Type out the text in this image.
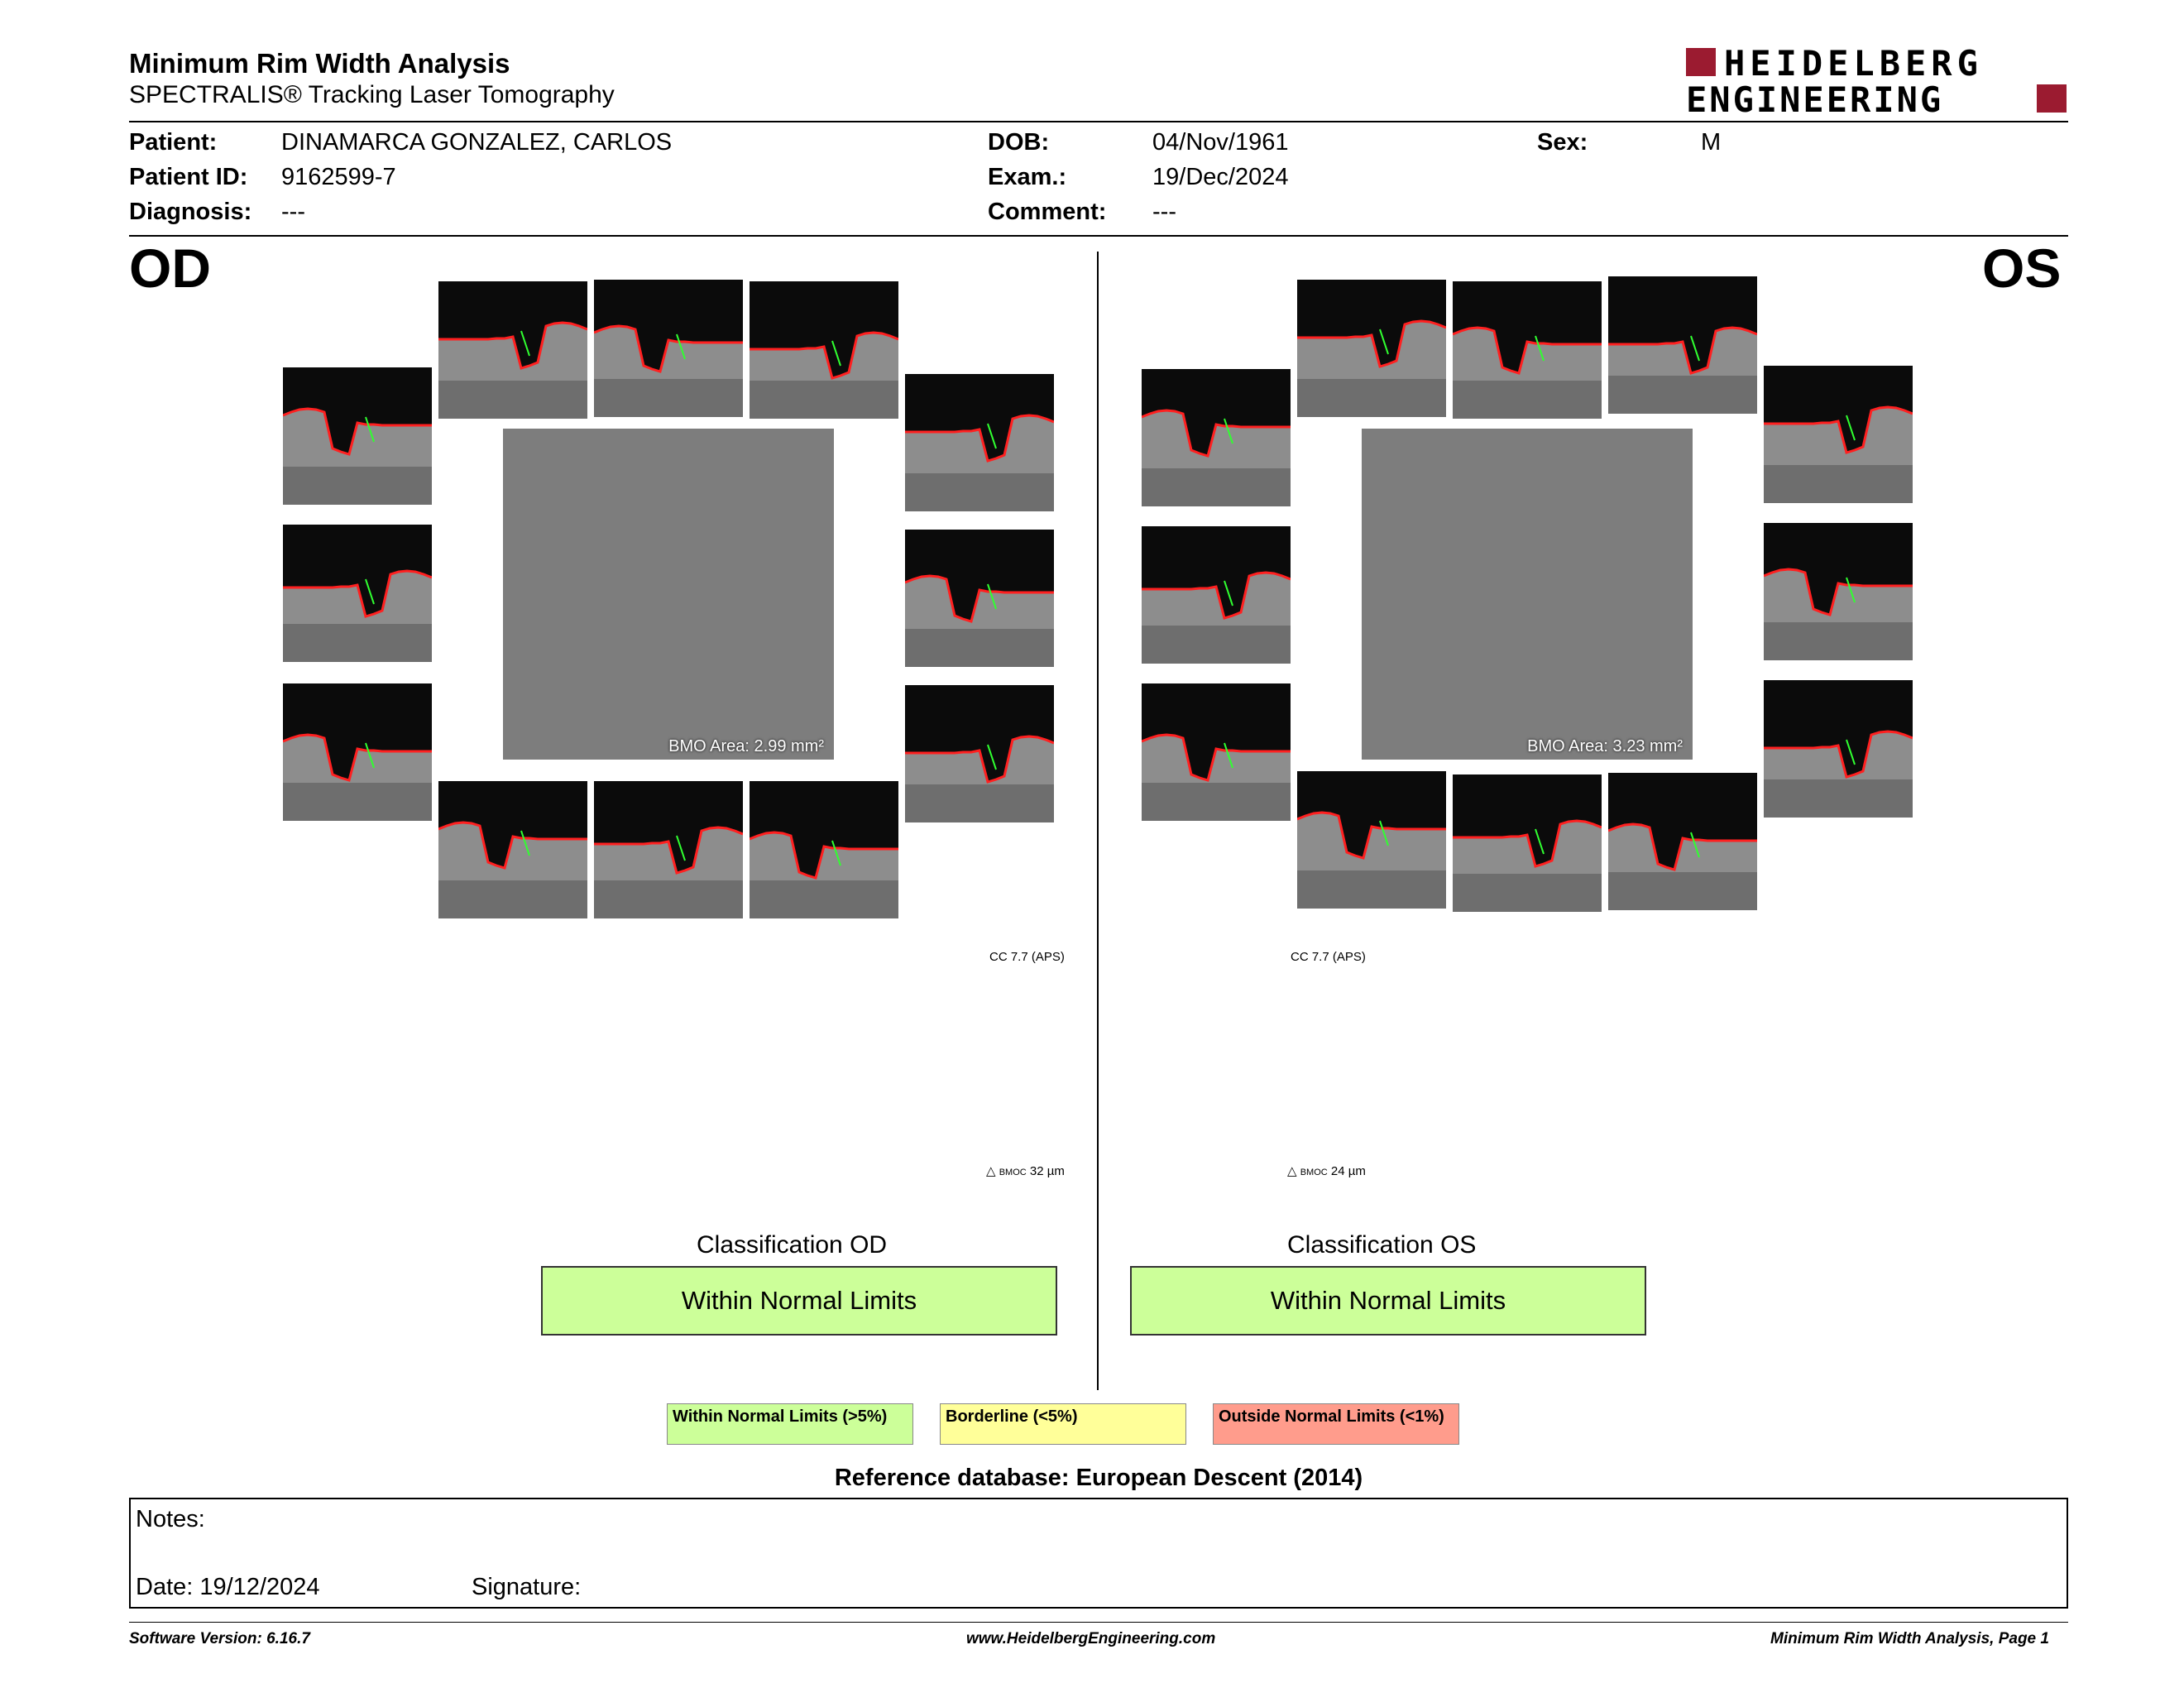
Minimum Rim Width Analysis
SPECTRALIS® Tracking Laser Tomography
HEIDELBERG
ENGINEERING
Patient:	DINAMARCA GONZALEZ, CARLOS
Patient ID: 9162599-7
Diagnosis: ---
DOB:	04/Nov/1961
Exam.:	19/Dec/2024
Comment: ---
Sex:	M
OD	OS
BMO Area: 2.99 mm²	BMO Area: 3.23 mm²
CC 7.7 (APS)
△ BMOC 32 µm
CC 7.7 (APS)
△ BMOC 24 µm
Classification OD
Within Normal Limits
Classification OS
Within Normal Limits
Within Normal Limits (>5%)	Borderline (<5%)	Outside Normal Limits (<1%)
Reference database: European Descent (2014)
Notes:
Date: 19/12/2024	Signature:
Software Version: 6.16.7	www.HeidelbergEngineering.com	Minimum Rim Width Analysis, Page 1
